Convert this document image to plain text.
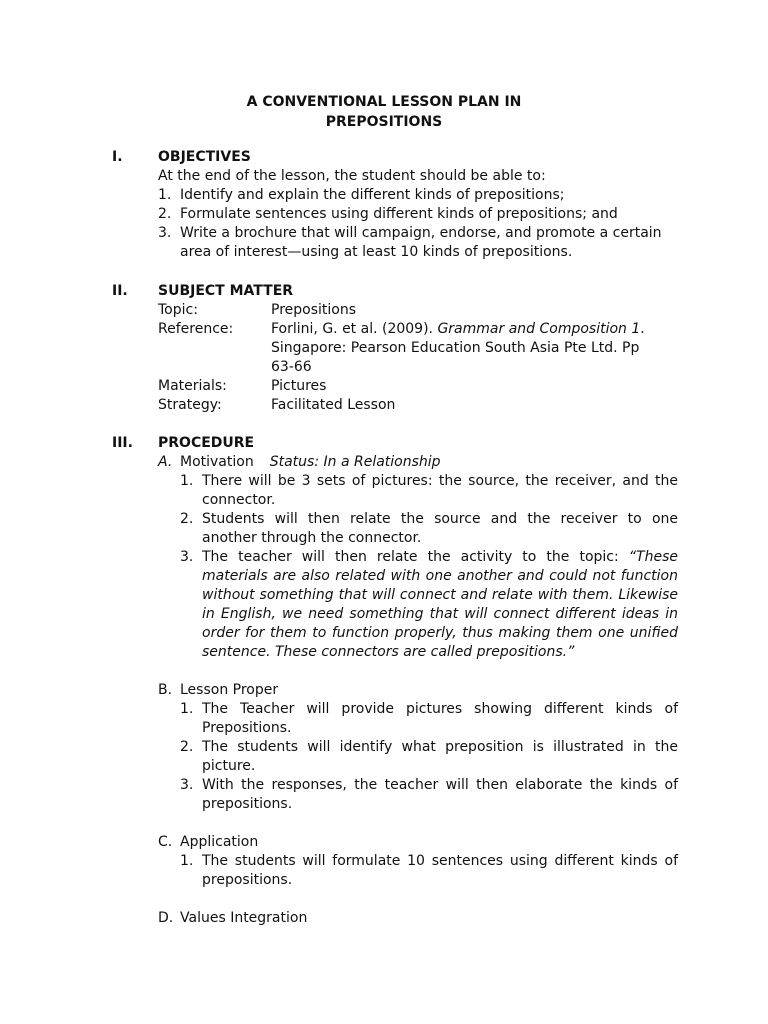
A CONVENTIONAL LESSON PLAN IN
PREPOSITIONS
I.	OBJECTIVES
At the end of the lesson, the student should be able to:
1. Identify and explain the different kinds of prepositions;
2. Formulate sentences using different kinds of prepositions; and
3. Write a brochure that will campaign, endorse, and promote a certain area of interest—using at least 10 kinds of prepositions.
II. SUBJECT MATTER
Topic:	Prepositions
Reference:	Forlini, G. et al. (2009). Grammar and Composition 1. Singapore: Pearson Education South Asia Pte Ltd. Pp 63-66
Materials:	Pictures
Strategy:	Facilitated Lesson
III. PROCEDURE
A. Motivation Status: In a Relationship
1. There will be 3 sets of pictures: the source, the receiver, and the connector.
2. Students will then relate the source and the receiver to one another through the connector.
3. The teacher will then relate the activity to the topic: “These materials are also related with one another and could not function without something that will connect and relate with them. Likewise in English, we need something that will connect different ideas in order for them to function properly, thus making them one unified sentence. These connectors are called prepositions.”
B. Lesson Proper
1. The Teacher will provide pictures showing different kinds of Prepositions.
2. The students will identify what preposition is illustrated in the picture.
3. With the responses, the teacher will then elaborate the kinds of prepositions.
C. Application
1. The students will formulate 10 sentences using different kinds of prepositions.
D. Values Integration
